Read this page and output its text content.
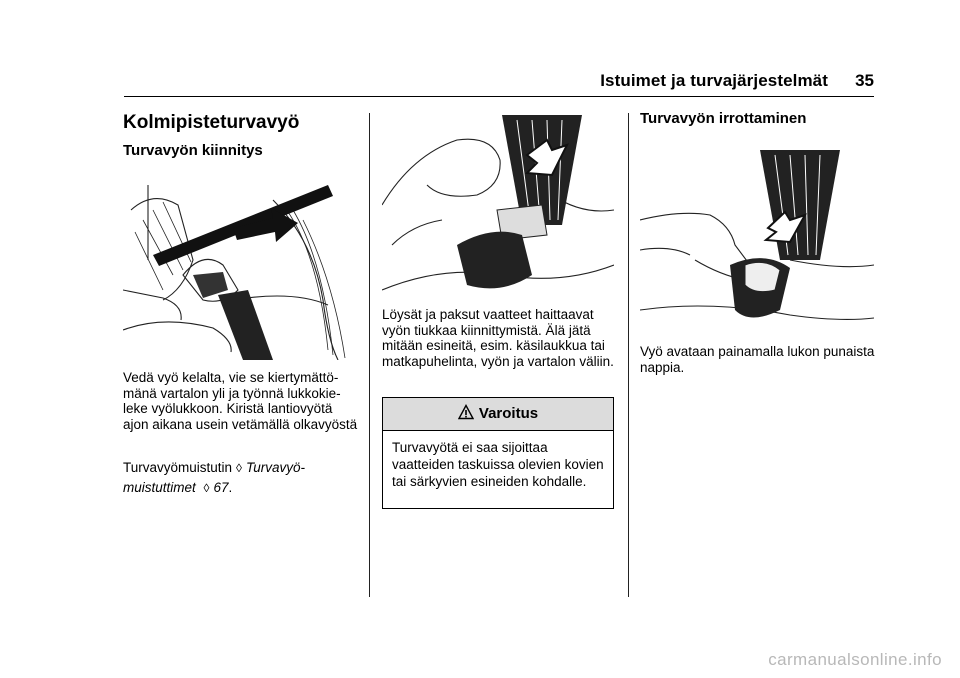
Istuimet ja turvajärjestelmät 35
Kolmipisteturvavyö
Turvavyön kiinnitys

Vedä vyö kelalta, vie se kiertymättö-mänä vartalon yli ja työnnä lukkokie-leke vyölukkoon. Kiristä lantiovyötä ajon aikana usein vetämällä olkavyöstä

Turvavyömuistutin ◊ Turvavyö-muistuttimet ◊ 67.

Löysät ja paksut vaatteet haittaavat vyön tiukkaa kiinnittymistä. Älä jätä mitään esineitä, esim. käsilaukkua tai matkapuhelinta, vyön ja vartalon väliin.

Varoitus
Turvavyötä ei saa sijoittaa vaatteiden taskuissa olevien kovien tai särkyvien esineiden kohdalle.
Turvavyön irrottaminen

Vyö avataan painamalla lukon punaista nappia.

carmanualsonline.info
